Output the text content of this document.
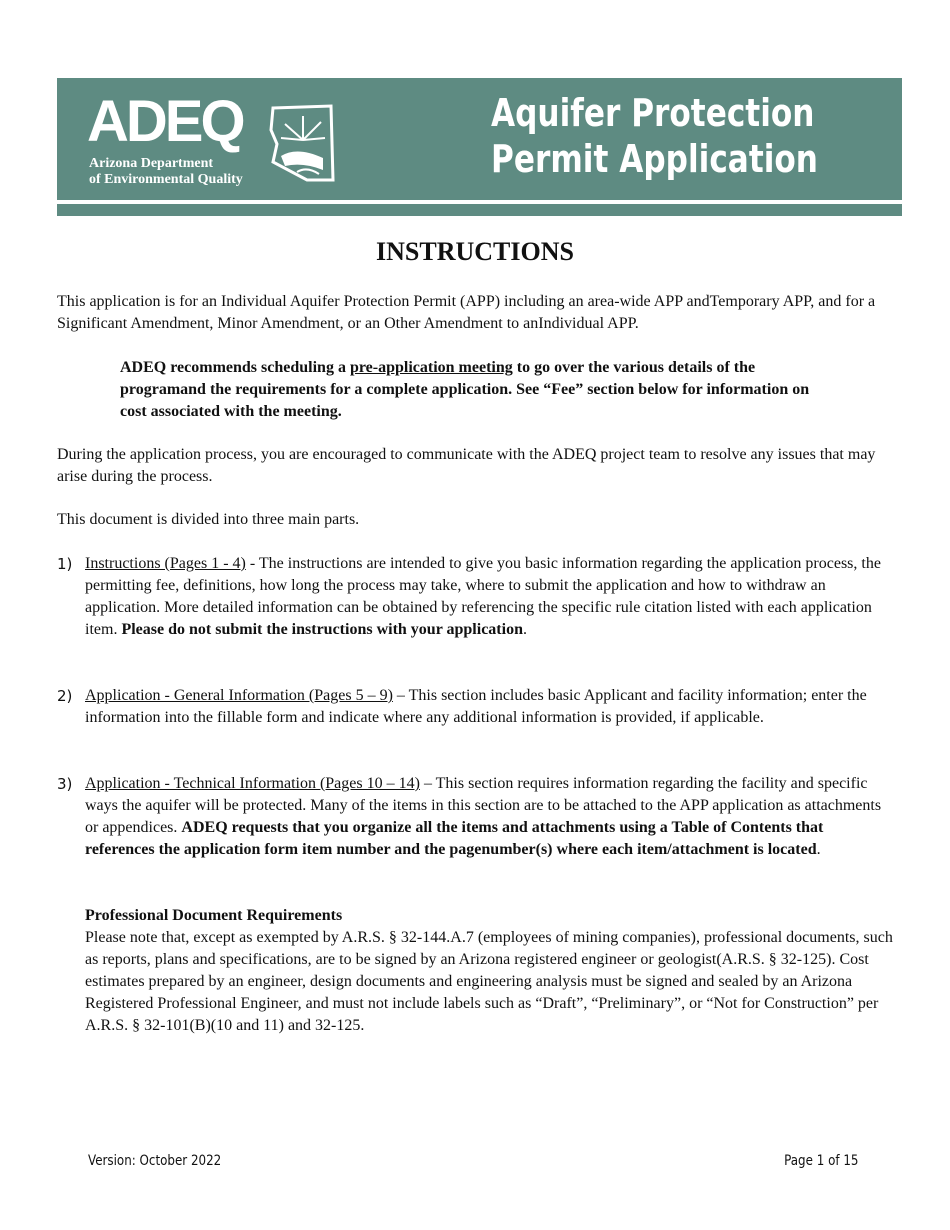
ADEQ
Arizona Department
of Environmental Quality
Aquifer Protection
Permit Application
INSTRUCTIONS
This application is for an Individual Aquifer Protection Permit (APP) including an area-wide APP andTemporary APP, and for a Significant Amendment, Minor Amendment, or an Other Amendment to anIndividual APP.
ADEQ recommends scheduling a pre-application meeting to go over the various details of the programand the requirements for a complete application. See “Fee” section below for information on cost associated with the meeting.
During the application process, you are encouraged to communicate with the ADEQ project team to resolve any issues that may arise during the process.
This document is divided into three main parts.
1) Instructions (Pages 1 - 4) - The instructions are intended to give you basic information regarding the application process, the permitting fee, definitions, how long the process may take, where to submit the application and how to withdraw an application. More detailed information can be obtained by referencing the specific rule citation listed with each application item. Please do not submit the instructions with your application.
2) Application - General Information (Pages 5 – 9) – This section includes basic Applicant and facility information; enter the information into the fillable form and indicate where any additional information is provided, if applicable.
3) Application - Technical Information (Pages 10 – 14) – This section requires information regarding the facility and specific ways the aquifer will be protected. Many of the items in this section are to be attached to the APP application as attachments or appendices. ADEQ requests that you organize all the items and attachments using a Table of Contents that references the application form item number and the pagenumber(s) where each item/attachment is located.
Professional Document Requirements
Please note that, except as exempted by A.R.S. § 32-144.A.7 (employees of mining companies), professional documents, such as reports, plans and specifications, are to be signed by an Arizona registered engineer or geologist(A.R.S. § 32-125). Cost estimates prepared by an engineer, design documents and engineering analysis must be signed and sealed by an Arizona Registered Professional Engineer, and must not include labels such as “Draft”, “Preliminary”, or “Not for Construction” per A.R.S. § 32-101(B)(10 and 11) and 32-125.
Version: October 2022	Page 1 of 15
